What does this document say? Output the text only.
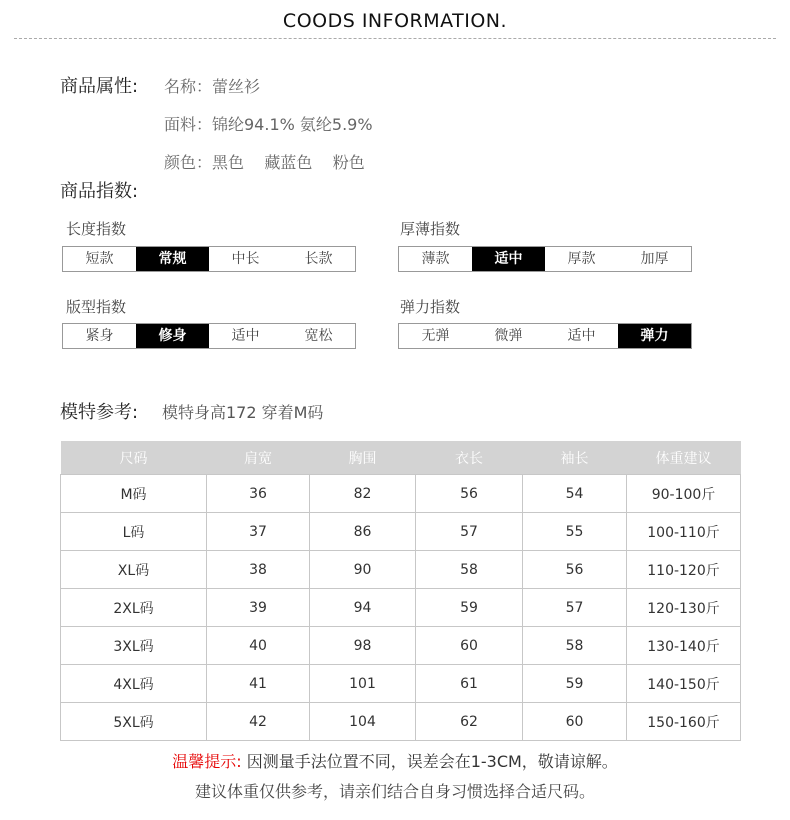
COODS INFORMATION.
商品属性: 名称：蕾丝衫
面料：锦纶94.1% 氨纶5.9%
颜色：黑色    藏蓝色    粉色
商品指数:
长度指数
短款	常规	中长	长款
厚薄指数
薄款	适中	厚款	加厚
版型指数
紧身	修身	适中	宽松
弹力指数
无弹	微弹	适中	弹力
模特参考: 模特身高172 穿着M码
尺码	肩宽	胸围	衣长	袖长	体重建议
M码	36	82	56	54	90-100斤
L码	37	86	57	55	100-110斤
XL码	38	90	58	56	110-120斤
2XL码	39	94	59	57	120-130斤
3XL码	40	98	60	58	130-140斤
4XL码	41	101	61	59	140-150斤
5XL码	42	104	62	60	150-160斤
温馨提示: 因测量手法位置不同，误差会在1-3CM，敬请谅解。
建议体重仅供参考，请亲们结合自身习惯选择合适尺码。
